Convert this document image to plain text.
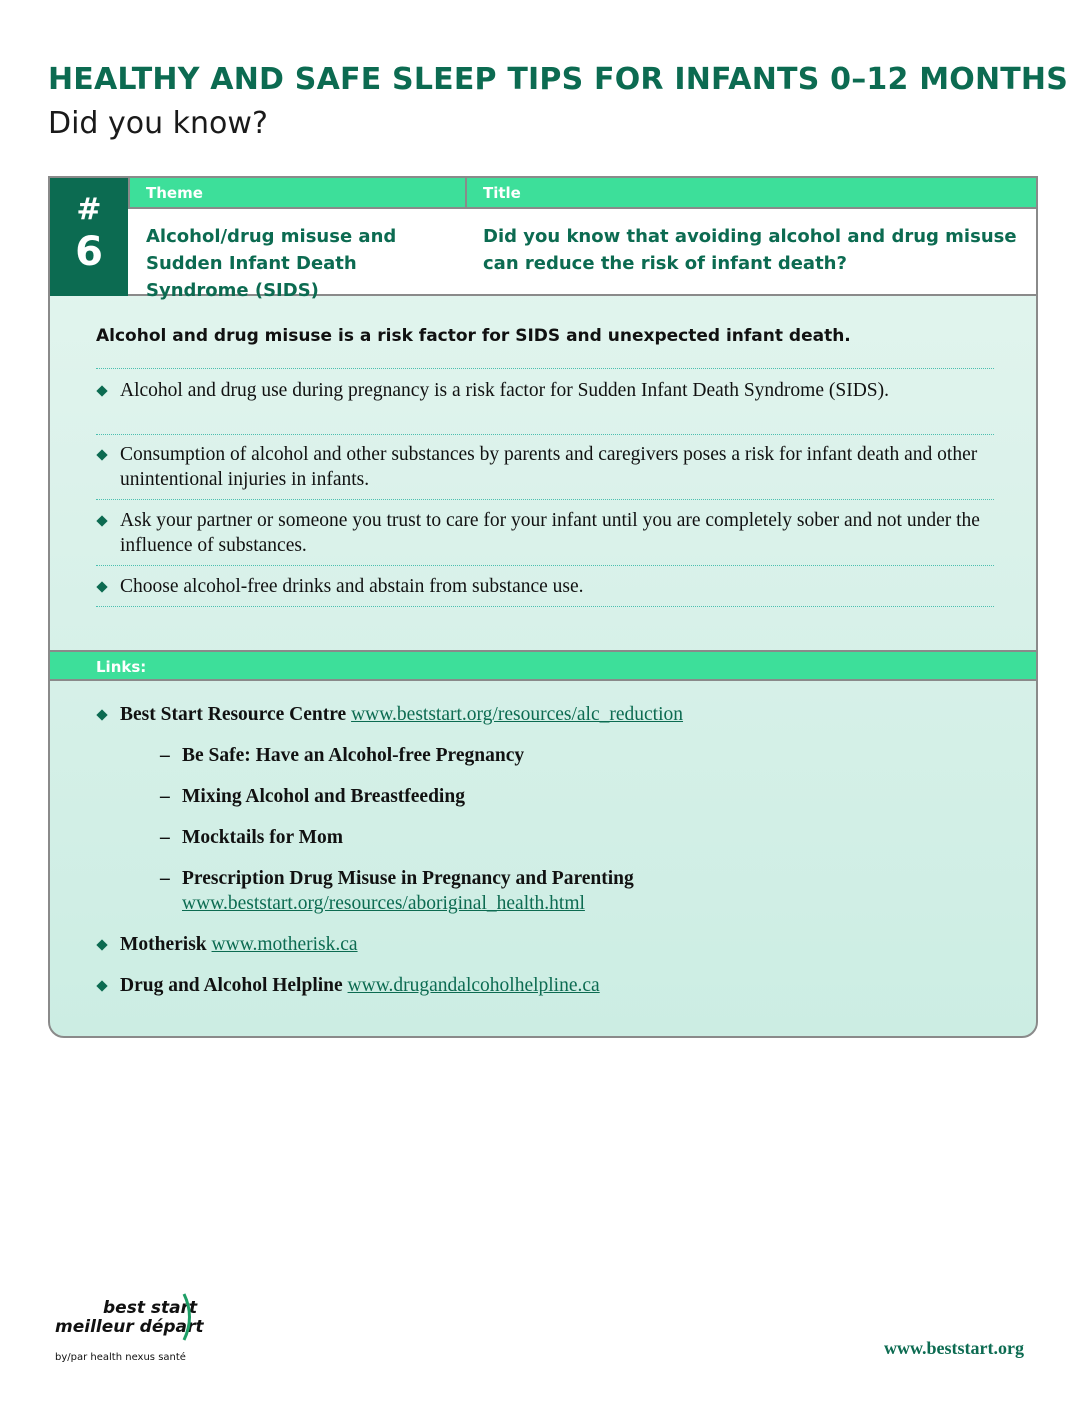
HEALTHY AND SAFE SLEEP TIPS FOR INFANTS 0–12 MONTHS
Did you know?
#
6
Theme	Title

Alcohol/drug misuse and Sudden Infant Death Syndrome (SIDS)

Did you know that avoiding alcohol and drug misuse can reduce the risk of infant death?

Alcohol and drug misuse is a risk factor for SIDS and unexpected infant death.

Alcohol and drug use during pregnancy is a risk factor for Sudden Infant Death Syndrome (SIDS).

Consumption of alcohol and other substances by parents and caregivers poses a risk for infant death and other unintentional injuries in infants.

Ask your partner or someone you trust to care for your infant until you are completely sober and not under the influence of substances.

Choose alcohol-free drinks and abstain from substance use.

Links:

Best Start Resource Centre www.beststart.org/resources/alc_reduction

– Be Safe: Have an Alcohol-free Pregnancy

– Mixing Alcohol and Breastfeeding

– Mocktails for Mom

– Prescription Drug Misuse in Pregnancy and Parenting
www.beststart.org/resources/aboriginal_health.html

Motherisk www.motherisk.ca

Drug and Alcohol Helpline www.drugandalcoholhelpline.ca

best start
meilleur départ
by/par health nexus santé	www.beststart.org
